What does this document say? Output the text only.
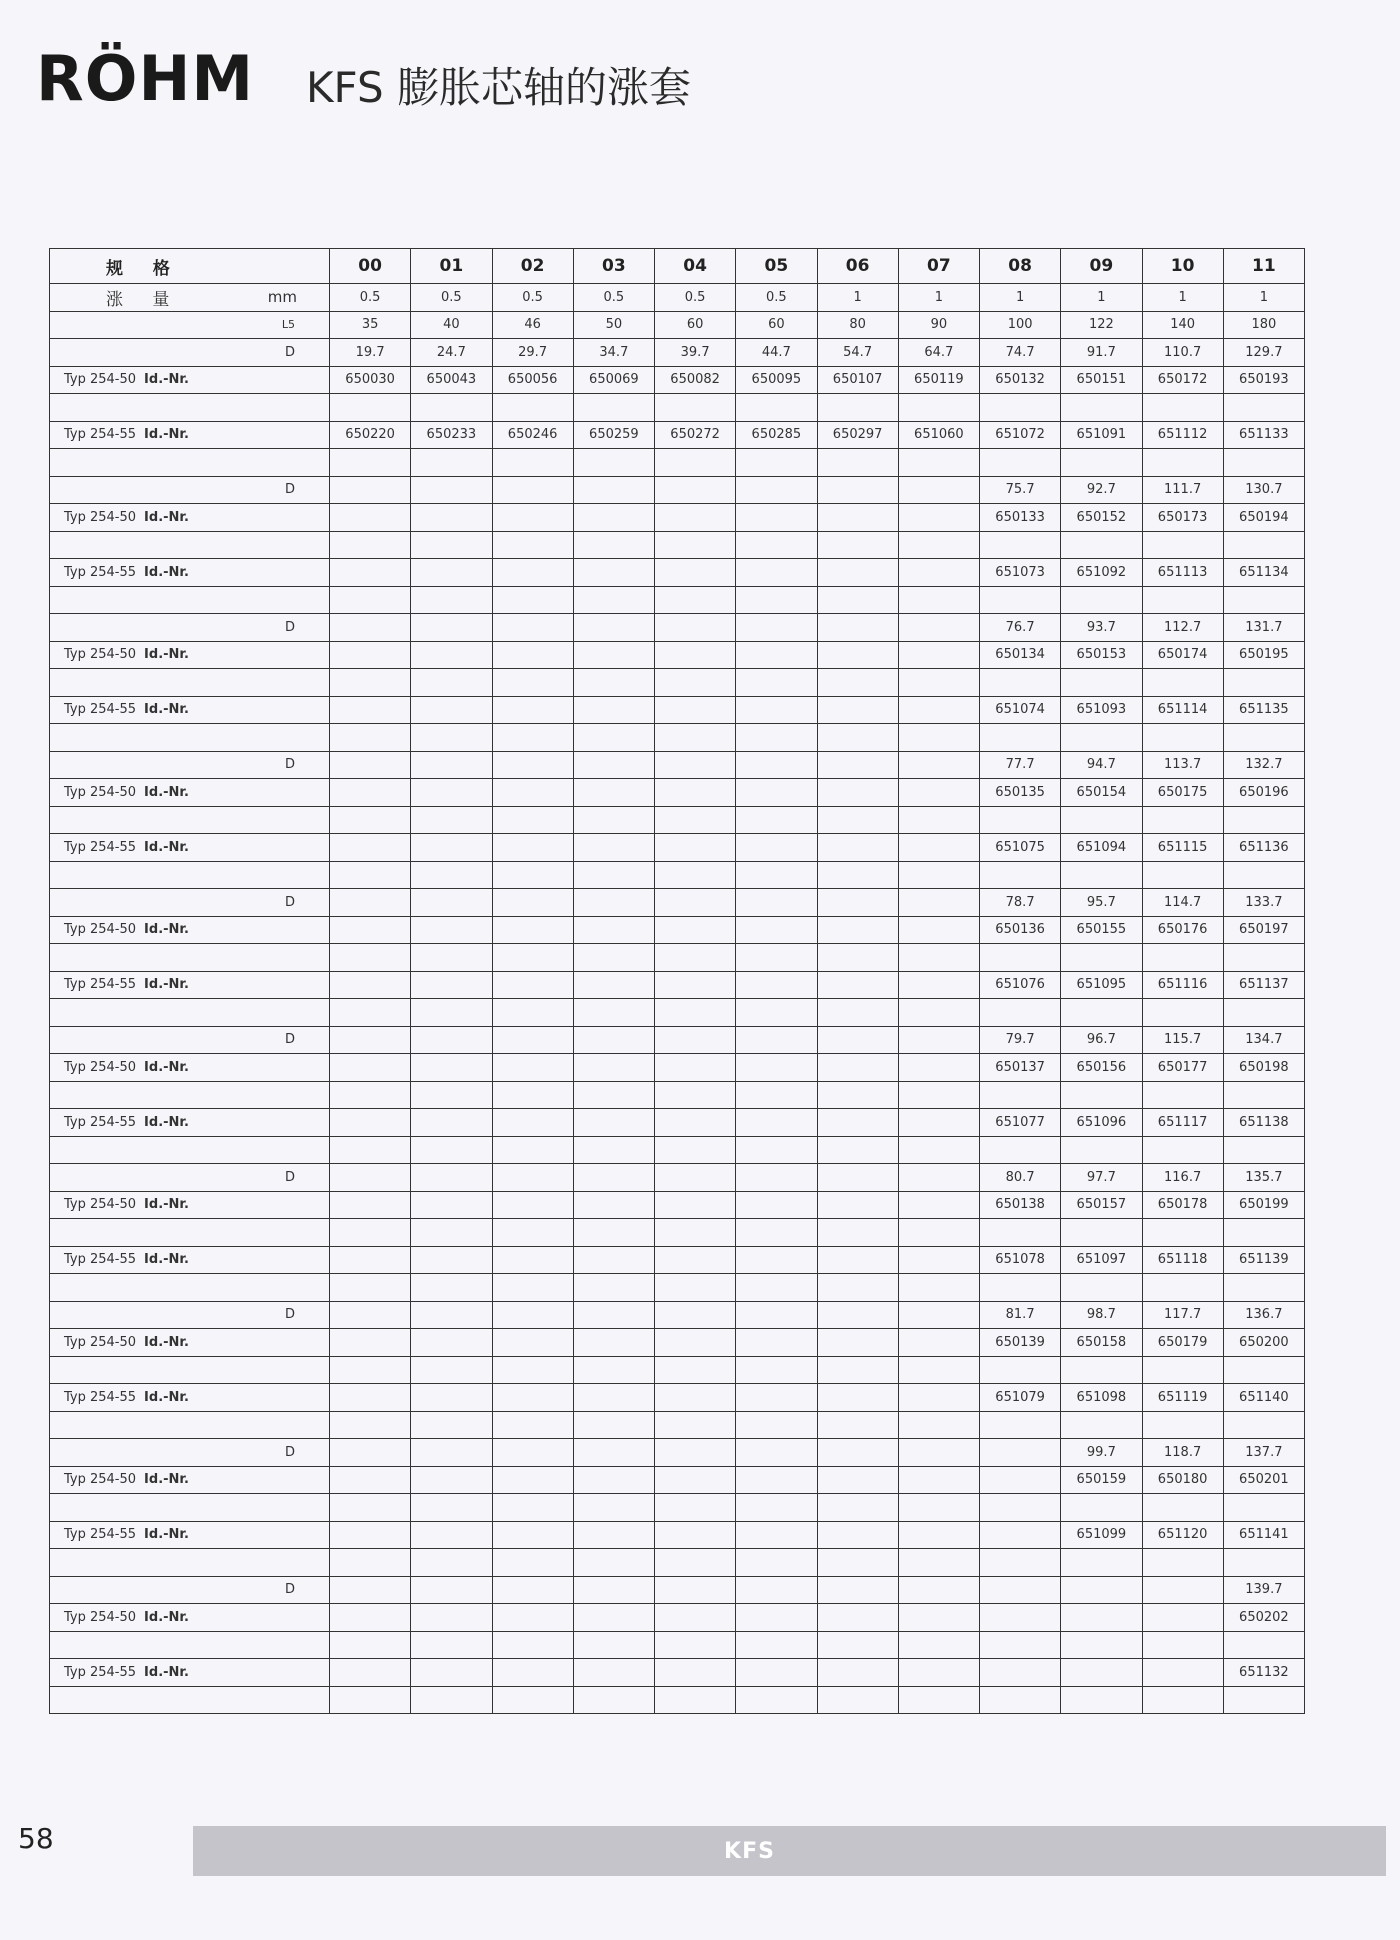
RÖHM KFS 膨胀芯轴的涨套
规 格	00	01	02	03	04	05	06	07	08	09	10	11
涨 量 mm	0.5	0.5	0.5	0.5	0.5	0.5	1	1	1	1	1	1
L5	35	40	46	50	60	60	80	90	100	122	140	180
D	19.7	24.7	29.7	34.7	39.7	44.7	54.7	64.7	74.7	91.7	110.7	129.7
Typ 254-50 Id.-Nr.	650030	650043	650056	650069	650082	650095	650107	650119	650132	650151	650172	650193

Typ 254-55 Id.-Nr.	650220	650233	650246	650259	650272	650285	650297	651060	651072	651091	651112	651133

D									75.7	92.7	111.7	130.7
Typ 254-50 Id.-Nr.									650133	650152	650173	650194

Typ 254-55 Id.-Nr.									651073	651092	651113	651134

D									76.7	93.7	112.7	131.7
Typ 254-50 Id.-Nr.									650134	650153	650174	650195

Typ 254-55 Id.-Nr.									651074	651093	651114	651135

D									77.7	94.7	113.7	132.7
Typ 254-50 Id.-Nr.									650135	650154	650175	650196

Typ 254-55 Id.-Nr.									651075	651094	651115	651136

D									78.7	95.7	114.7	133.7
Typ 254-50 Id.-Nr.									650136	650155	650176	650197

Typ 254-55 Id.-Nr.									651076	651095	651116	651137

D									79.7	96.7	115.7	134.7
Typ 254-50 Id.-Nr.									650137	650156	650177	650198

Typ 254-55 Id.-Nr.									651077	651096	651117	651138

D									80.7	97.7	116.7	135.7
Typ 254-50 Id.-Nr.									650138	650157	650178	650199

Typ 254-55 Id.-Nr.									651078	651097	651118	651139

D									81.7	98.7	117.7	136.7
Typ 254-50 Id.-Nr.									650139	650158	650179	650200

Typ 254-55 Id.-Nr.									651079	651098	651119	651140

D										99.7	118.7	137.7
Typ 254-50 Id.-Nr.										650159	650180	650201

Typ 254-55 Id.-Nr.										651099	651120	651141

D												139.7
Typ 254-50 Id.-Nr.												650202

Typ 254-55 Id.-Nr.												651132

58	KFS
